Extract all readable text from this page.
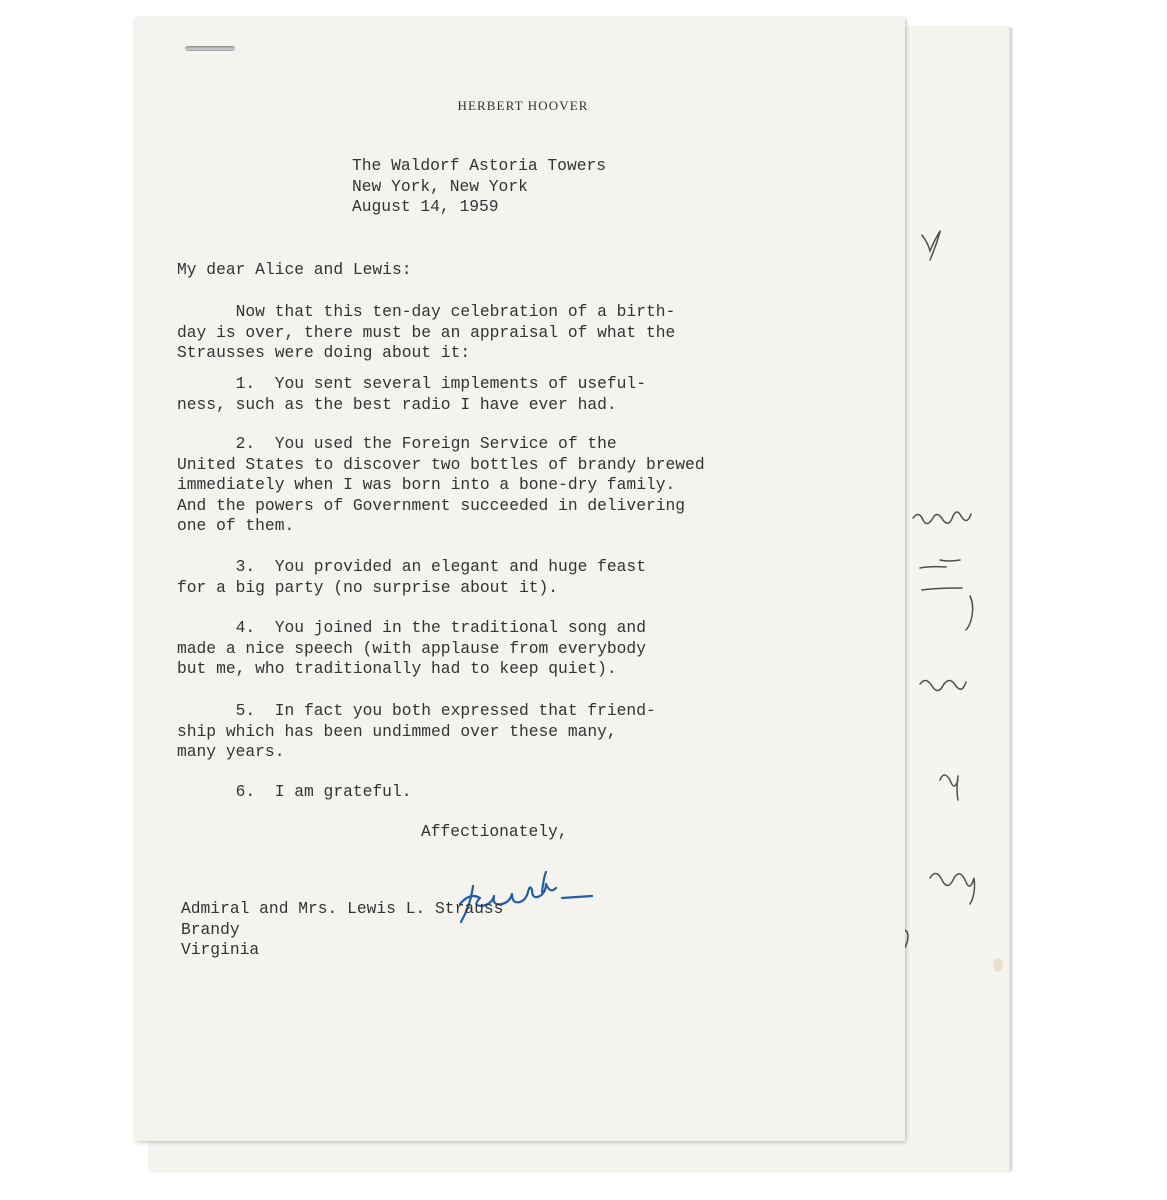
HERBERT HOOVER
The Waldorf Astoria Towers
New York, New York
August 14, 1959
My dear Alice and Lewis:
Now that this ten-day celebration of a birth-
day is over, there must be an appraisal of what the
Strausses were doing about it:
1.  You sent several implements of useful-
ness, such as the best radio I have ever had.
2.  You used the Foreign Service of the
United States to discover two bottles of brandy brewed
immediately when I was born into a bone-dry family.
And the powers of Government succeeded in delivering
one of them.
3.  You provided an elegant and huge feast
for a big party (no surprise about it).
4.  You joined in the traditional song and
made a nice speech (with applause from everybody
but me, who traditionally had to keep quiet).
5.  In fact you both expressed that friend-
ship which has been undimmed over these many,
many years.
6.  I am grateful.
Affectionately,
Admiral and Mrs. Lewis L. Strauss
Brandy
Virginia
